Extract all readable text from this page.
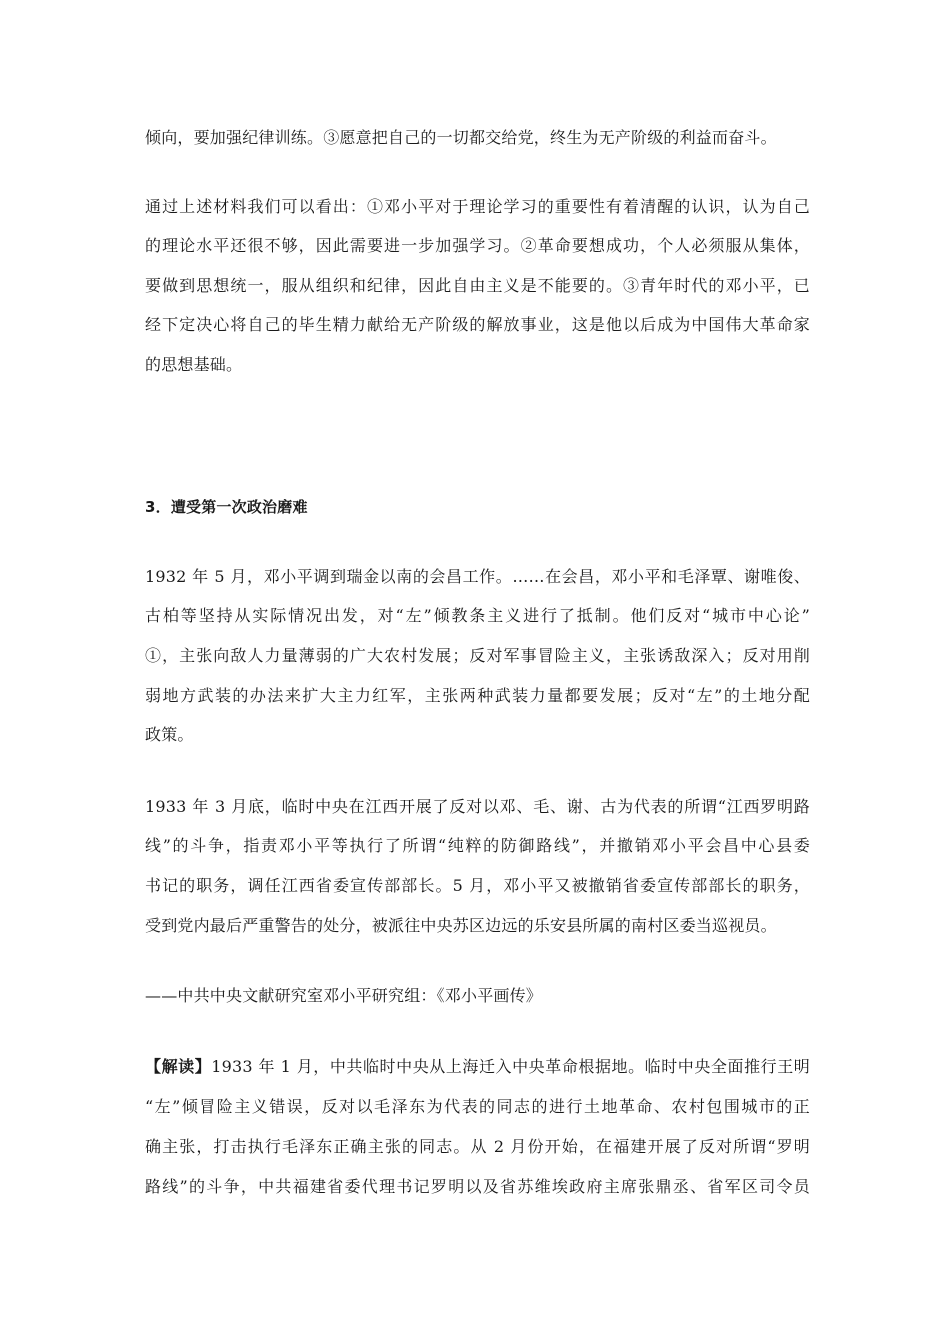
倾向，要加强纪律训练。③愿意把自己的一切都交给党，终生为无产阶级的利益而奋斗。
通过上述材料我们可以看出：①邓小平对于理论学习的重要性有着清醒的认识，认为自己
的理论水平还很不够，因此需要进一步加强学习。②革命要想成功，个人必须服从集体，
要做到思想统一，服从组织和纪律，因此自由主义是不能要的。③青年时代的邓小平，已
经下定决心将自己的毕生精力献给无产阶级的解放事业，这是他以后成为中国伟大革命家
的思想基础。
3．遭受第一次政治磨难
1932 年 5 月，邓小平调到瑞金以南的会昌工作。……在会昌，邓小平和毛泽覃、谢唯俊、
古柏等坚持从实际情况出发，对“左”倾教条主义进行了抵制。他们反对“城市中心论”
①，主张向敌人力量薄弱的广大农村发展；反对军事冒险主义，主张诱敌深入；反对用削
弱地方武装的办法来扩大主力红军，主张两种武装力量都要发展；反对“左”的土地分配
政策。
1933 年 3 月底，临时中央在江西开展了反对以邓、毛、谢、古为代表的所谓“江西罗明路
线”的斗争，指责邓小平等执行了所谓“纯粹的防御路线”，并撤销邓小平会昌中心县委
书记的职务，调任江西省委宣传部部长。5 月，邓小平又被撤销省委宣传部部长的职务，
受到党内最后严重警告的处分，被派往中央苏区边远的乐安县所属的南村区委当巡视员。
——中共中央文献研究室邓小平研究组：《邓小平画传》
【解读】1933 年 1 月，中共临时中央从上海迁入中央革命根据地。临时中央全面推行王明
“左”倾冒险主义错误，反对以毛泽东为代表的同志的进行土地革命、农村包围城市的正
确主张，打击执行毛泽东正确主张的同志。从 2 月份开始，在福建开展了反对所谓“罗明
路线”的斗争，中共福建省委代理书记罗明以及省苏维埃政府主席张鼎丞、省军区司令员
